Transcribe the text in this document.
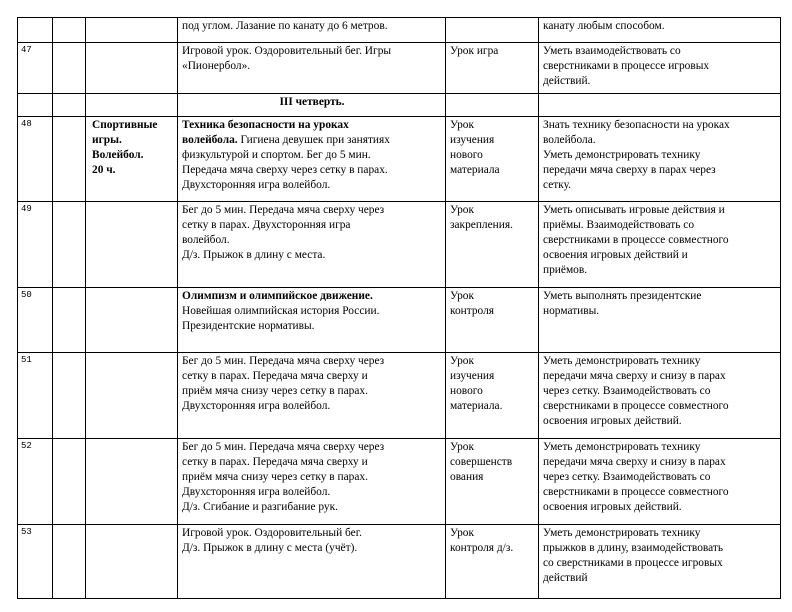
			под углом. Лазание по канату до 6 метров.		канату любым способом.

47			Игровой урок. Оздоровительный бег. Игры
«Пионербол».	Урок игра	Уметь взаимодействовать со
сверстниками в процессе игровых
действий.

			III четверть.		

48		Спортивные
игры.
Волейбол.
20 ч.	Техника безопасности на уроках
волейбола. Гигиена девушек при занятиях
физкультурой и спортом. Бег до 5 мин.
Передача мяча сверху через сетку в парах.
Двухсторонняя игра волейбол.	Урок
изучения
нового
материала	Знать технику безопасности на уроках
волейбола.
Уметь демонстрировать технику
передачи мяча сверху в парах через
сетку.

49			Бег до 5 мин. Передача мяча сверху через
сетку в парах. Двухсторонняя игра
волейбол.
Д/з. Прыжок в длину с места.	Урок
закрепления.	Уметь описывать игровые действия и
приёмы. Взаимодействовать со
сверстниками в процессе совместного
освоения игровых действий и
приёмов.

50			Олимпизм и олимпийское движение.
Новейшая олимпийская история России.
Президентские нормативы.	Урок
контроля	Уметь выполнять президентские
нормативы.

51			Бег до 5 мин. Передача мяча сверху через
сетку в парах. Передача мяча сверху и
приём мяча снизу через сетку в парах.
Двухсторонняя игра волейбол.	Урок
изучения
нового
материала.	Уметь демонстрировать технику
передачи мяча сверху и снизу в парах
через сетку. Взаимодействовать со
сверстниками в процессе совместного
освоения игровых действий.

52			Бег до 5 мин. Передача мяча сверху через
сетку в парах. Передача мяча сверху и
приём мяча снизу через сетку в парах.
Двухсторонняя игра волейбол.
Д/з. Сгибание и разгибание рук.	Урок
совершенств
ования	Уметь демонстрировать технику
передачи мяча сверху и снизу в парах
через сетку. Взаимодействовать со
сверстниками в процессе совместного
освоения игровых действий.

53			Игровой урок. Оздоровительный бег.
Д/з. Прыжок в длину с места (учёт).	Урок
контроля д/з.	Уметь демонстрировать технику
прыжков в длину, взаимодействовать
со сверстниками в процессе игровых
действий
